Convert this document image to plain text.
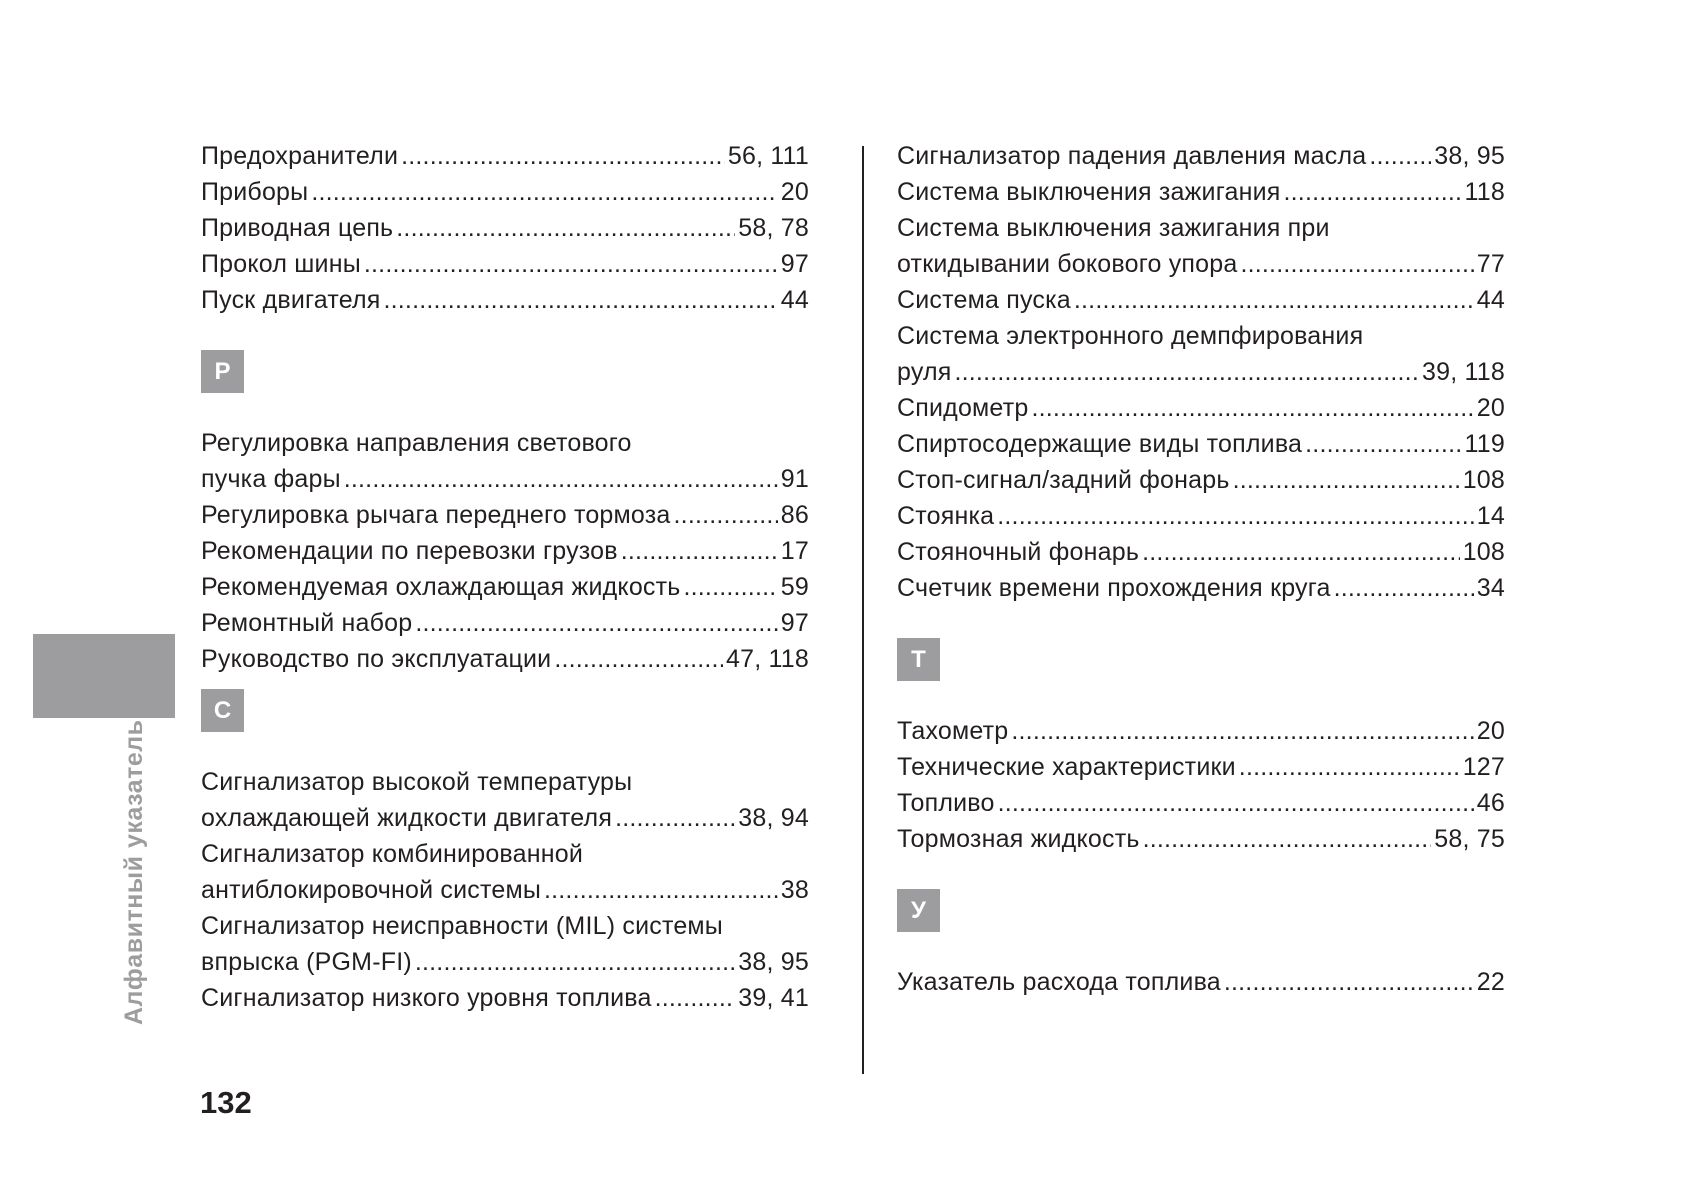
Алфавитный указатель
Предохранители .....	56, 111
Приборы .....	20
Приводная цепь .....	58, 78
Прокол шины .....	97
Пуск двигателя .....	44
Р
Регулировка направления светового
пучка фары .....	91
Регулировка рычага переднего тормоза .....	86
Рекомендации по перевозки грузов .....	17
Рекомендуемая охлаждающая жидкость .....	59
Ремонтный набор .....	97
Руководство по эксплуатации .....	47, 118
С
Сигнализатор высокой температуры
охлаждающей жидкости двигателя .....	38, 94
Сигнализатор комбинированной
антиблокировочной системы .....	38
Сигнализатор неисправности (MIL) системы
впрыска (PGM-FI) .....	38, 95
Сигнализатор низкого уровня топлива .....	39, 41
Сигнализатор падения давления масла .....	38, 95
Система выключения зажигания .....	118
Система выключения зажигания при
откидывании бокового упора .....	77
Система пуска .....	44
Система электронного демпфирования
руля .....	39, 118
Спидометр .....	20
Спиртосодержащие виды топлива .....	119
Стоп-сигнал/задний фонарь .....	108
Стоянка .....	14
Стояночный фонарь .....	108
Счетчик времени прохождения круга .....	34
Т
Тахометр .....	20
Технические характеристики .....	127
Топливо .....	46
Тормозная жидкость .....	58, 75
У
Указатель расхода топлива .....	22
132
